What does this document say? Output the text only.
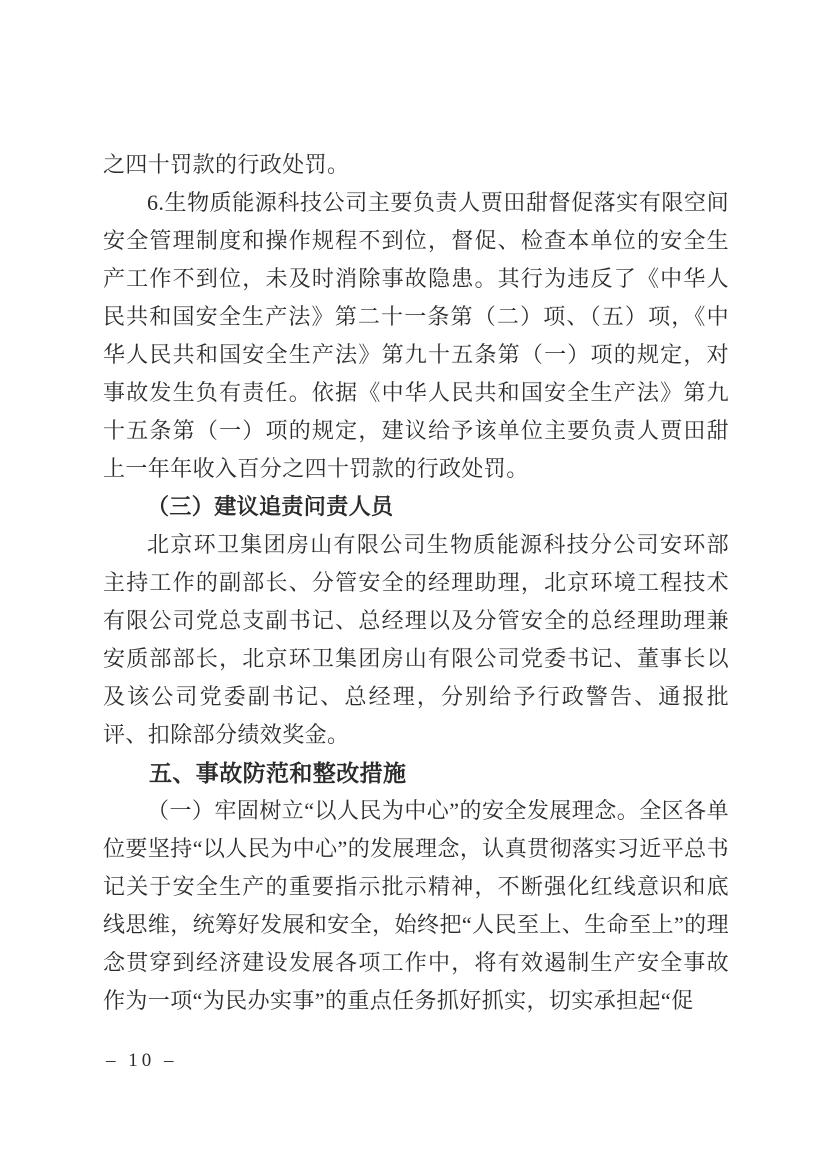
之四十罚款的行政处罚。

6.生物质能源科技公司主要负责人贾田甜督促落实有限空间安全管理制度和操作规程不到位，督促、检查本单位的安全生产工作不到位，未及时消除事故隐患。其行为违反了《中华人民共和国安全生产法》第二十一条第（二）项、（五）项，《中华人民共和国安全生产法》第九十五条第（一）项的规定，对事故发生负有责任。依据《中华人民共和国安全生产法》第九十五条第（一）项的规定，建议给予该单位主要负责人贾田甜上一年年收入百分之四十罚款的行政处罚。

（三）建议追责问责人员

北京环卫集团房山有限公司生物质能源科技分公司安环部主持工作的副部长、分管安全的经理助理，北京环境工程技术有限公司党总支副书记、总经理以及分管安全的总经理助理兼安质部部长，北京环卫集团房山有限公司党委书记、董事长以及该公司党委副书记、总经理，分别给予行政警告、通报批评、扣除部分绩效奖金。

五、事故防范和整改措施

（一）牢固树立“以人民为中心”的安全发展理念。全区各单位要坚持“以人民为中心”的发展理念，认真贯彻落实习近平总书记关于安全生产的重要指示批示精神，不断强化红线意识和底线思维，统筹好发展和安全，始终把“人民至上、生命至上”的理念贯穿到经济建设发展各项工作中，将有效遏制生产安全事故作为一项“为民办实事”的重点任务抓好抓实，切实承担起“促

– 10 –
